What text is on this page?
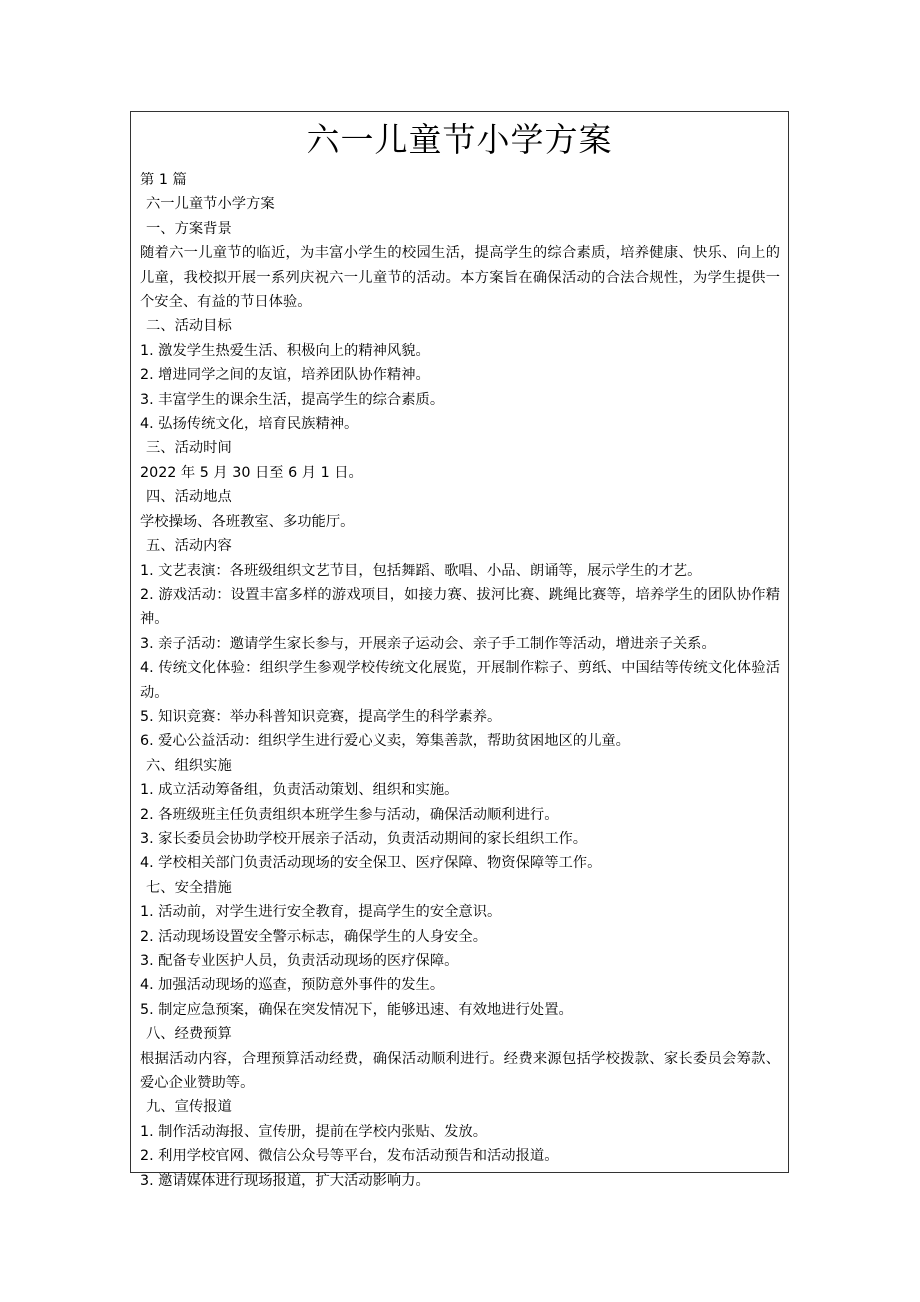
六一儿童节小学方案
第 1 篇
六一儿童节小学方案
一、方案背景
随着六一儿童节的临近，为丰富小学生的校园生活，提高学生的综合素质，培养健康、快乐、向上的儿童，我校拟开展一系列庆祝六一儿童节的活动。本方案旨在确保活动的合法合规性，为学生提供一个安全、有益的节日体验。
二、活动目标
1. 激发学生热爱生活、积极向上的精神风貌。
2. 增进同学之间的友谊，培养团队协作精神。
3. 丰富学生的课余生活，提高学生的综合素质。
4. 弘扬传统文化，培育民族精神。
三、活动时间
2022 年 5 月 30 日至 6 月 1 日。
四、活动地点
学校操场、各班教室、多功能厅。
五、活动内容
1. 文艺表演：各班级组织文艺节目，包括舞蹈、歌唱、小品、朗诵等，展示学生的才艺。
2. 游戏活动：设置丰富多样的游戏项目，如接力赛、拔河比赛、跳绳比赛等，培养学生的团队协作精神。
3. 亲子活动：邀请学生家长参与，开展亲子运动会、亲子手工制作等活动，增进亲子关系。
4. 传统文化体验：组织学生参观学校传统文化展览，开展制作粽子、剪纸、中国结等传统文化体验活动。
5. 知识竞赛：举办科普知识竞赛，提高学生的科学素养。
6. 爱心公益活动：组织学生进行爱心义卖，筹集善款，帮助贫困地区的儿童。
六、组织实施
1. 成立活动筹备组，负责活动策划、组织和实施。
2. 各班级班主任负责组织本班学生参与活动，确保活动顺利进行。
3. 家长委员会协助学校开展亲子活动，负责活动期间的家长组织工作。
4. 学校相关部门负责活动现场的安全保卫、医疗保障、物资保障等工作。
七、安全措施
1. 活动前，对学生进行安全教育，提高学生的安全意识。
2. 活动现场设置安全警示标志，确保学生的人身安全。
3. 配备专业医护人员，负责活动现场的医疗保障。
4. 加强活动现场的巡查，预防意外事件的发生。
5. 制定应急预案，确保在突发情况下，能够迅速、有效地进行处置。
八、经费预算
根据活动内容，合理预算活动经费，确保活动顺利进行。经费来源包括学校拨款、家长委员会筹款、爱心企业赞助等。
九、宣传报道
1. 制作活动海报、宣传册，提前在学校内张贴、发放。
2. 利用学校官网、微信公众号等平台，发布活动预告和活动报道。
3. 邀请媒体进行现场报道，扩大活动影响力。
